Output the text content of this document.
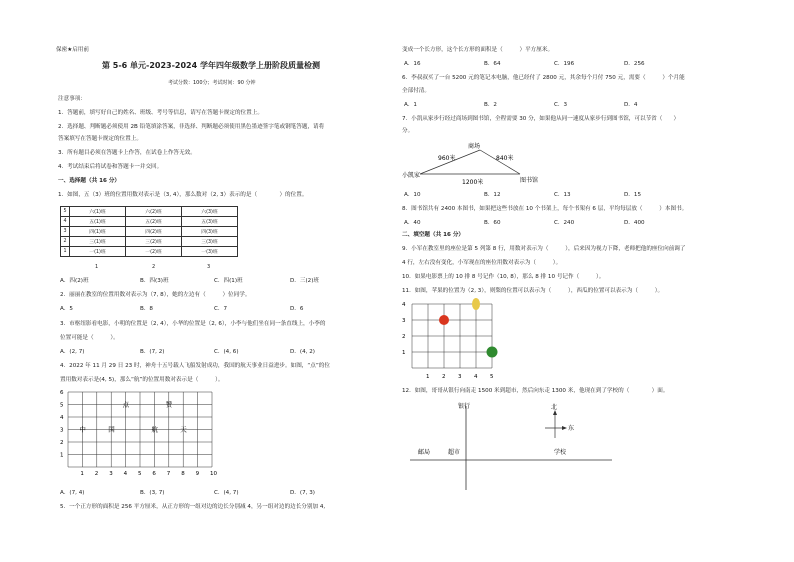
保密★启用前
第 5-6 单元-2023-2024 学年四年级数学上册阶段质量检测
考试分数：100分；考试时间：90 分钟
注意事项：
1．答题前，填写好自己的姓名、班级、考号等信息，请写在答题卡规定的位置上。
2．选择题、判断题必须使用 2B 铅笔填涂答案，非选择、判断题必须使用黑色墨迹签字笔或钢笔答题，请将
答案填写在答题卡规定的位置上。
3．所有题目必须在答题卡上作答，在试卷上作答无效。
4．考试结束后将试卷和答题卡一并交回。
一、选择题（共 16 分）
1．如图，五（3）班的位置用数对表示是（3, 4），那么数对（2, 3）表示的是（　　　　）的位置。
5	六(1)班	六(2)班	六(3)班
4	五(1)班	五(2)班	五(3)班
3	四(1)班	四(2)班	四(3)班
2	三(1)班	三(2)班	三(3)班
1	一(1)班	一(2)班	一(3)班
1	2	3
A．四(2)班	B．四(3)班	C．四(1)班	D．三(2)班
2．丽丽在教室的位置用数对表示为（7, 8），她的左边有（　　　）位同学。
A．5	B．8	C．7	D．6
3．市枢纽影看电影，小明的位置是（2, 4），小华的位置是（2, 6），小李与他们坐在同一条直线上，小李的
位置可能是（　　　）。
A．(2, 7)	B．(7, 2)	C．(4, 6)	D．(4, 2)
4．2022 年 11 月 29 日 23 时，神舟十五号载人飞船发射成功，我国的航天事业日益进步。如图，“点”的位
置用数对表示是(4, 5)，那么“航”的位置用数对表示是（　　　）。
1 2 3 4 5 6 7 8 9 10
1
2
3
4
5
6
点	赞
中	国	航	天
A．(7, 4)	B．(3, 7)	C．(4, 7)	D．(7, 3)
5．一个正方形的面积是 256 平方厘米，从正方形的一组对边的边长分别减 4，另一组对边的边长分别加 4,
变成一个长方形，这个长方形的面积是（　　　）平方厘米。
A．16	B．64	C．196	D．256
6．李叔叔买了一台 5200 元的笔记本电脑，他已经付了 2800 元，其余每个月付 750 元，需要（　　　）个月能
全部付清。
A．1	B．2	C．3	D．4
7．小凯从家步行经过商场到图书馆，全程需要 30 分，如果他从同一速度从家步行到图书馆，可以节省（　　）
分。
商场
小凯家
图书馆
960米	840米
1200米
A．10	B．12	C．13	D．15
8．图书馆共有 2400 本图书，如果把这些书放在 10 个书架上，每个书架有 6 层，平均每层放（　　　）本图书。
A．40	B．60	C．240	D．400
二、填空题（共 16 分）
9．小军在教室里的座位是第 5 列第 8 行，用数对表示为（　　　），后来因为视力下降，老师把他的座位向前调了
4 行，左右没有变化，小军现在的座位用数对表示为（　　　）。
10．如果电影票上的 10 排 8 号记作（10, 8），那么 8 排 10 号记作（　　　）。
11．如图，苹果的位置为（2, 3），则梨的位置可以表示为（　　　），西瓜的位置可以表示为（　　　）。
1 2 3 4 5
1
2
3
4
12．如图，哥哥从银行向南走 1500 米到超市，然后向东走 1300 米，他现在到了学校的（　　　　）面。
银行
邮局	超市	学校
北
东
